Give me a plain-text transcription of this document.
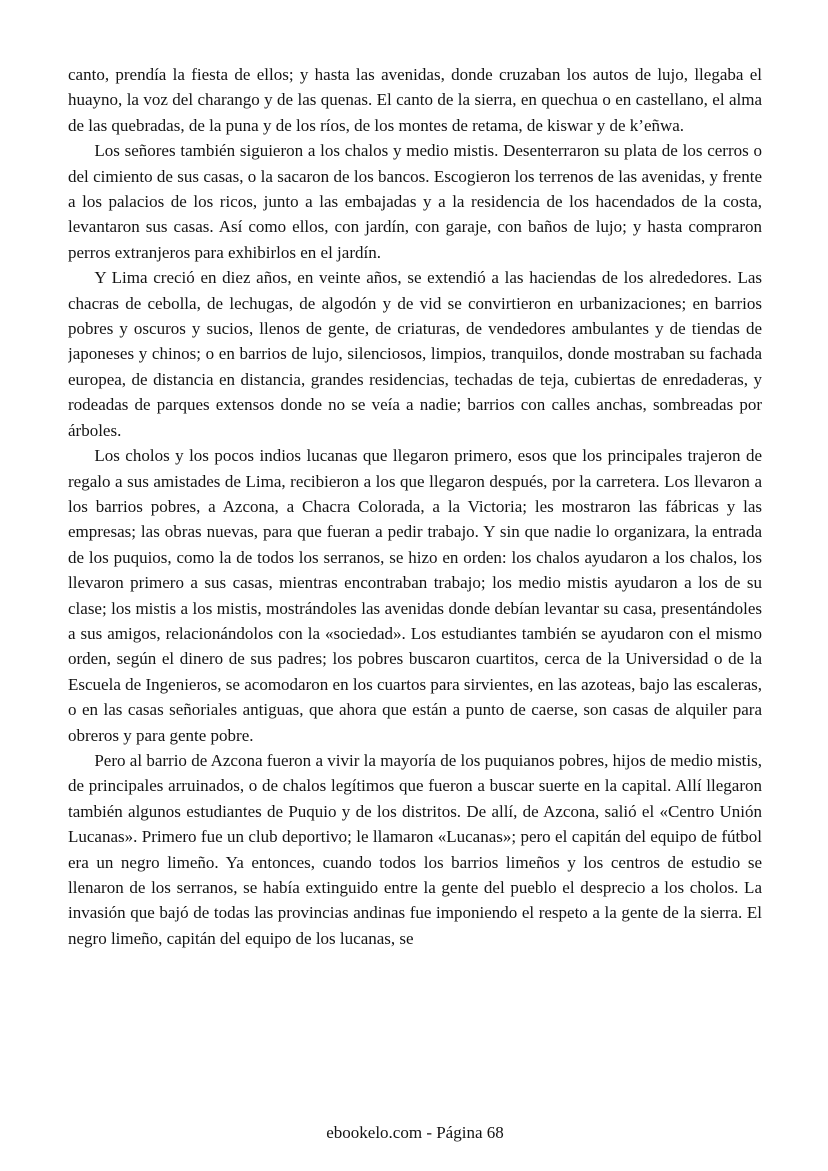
canto, prendía la fiesta de ellos; y hasta las avenidas, donde cruzaban los autos de lujo, llegaba el huayno, la voz del charango y de las quenas. El canto de la sierra, en quechua o en castellano, el alma de las quebradas, de la puna y de los ríos, de los montes de retama, de kiswar y de k’eñwa.

Los señores también siguieron a los chalos y medio mistis. Desenterraron su plata de los cerros o del cimiento de sus casas, o la sacaron de los bancos. Escogieron los terrenos de las avenidas, y frente a los palacios de los ricos, junto a las embajadas y a la residencia de los hacendados de la costa, levantaron sus casas. Así como ellos, con jardín, con garaje, con baños de lujo; y hasta compraron perros extranjeros para exhibirlos en el jardín.

Y Lima creció en diez años, en veinte años, se extendió a las haciendas de los alrededores. Las chacras de cebolla, de lechugas, de algodón y de vid se convirtieron en urbanizaciones; en barrios pobres y oscuros y sucios, llenos de gente, de criaturas, de vendedores ambulantes y de tiendas de japoneses y chinos; o en barrios de lujo, silenciosos, limpios, tranquilos, donde mostraban su fachada europea, de distancia en distancia, grandes residencias, techadas de teja, cubiertas de enredaderas, y rodeadas de parques extensos donde no se veía a nadie; barrios con calles anchas, sombreadas por árboles.

Los cholos y los pocos indios lucanas que llegaron primero, esos que los principales trajeron de regalo a sus amistades de Lima, recibieron a los que llegaron después, por la carretera. Los llevaron a los barrios pobres, a Azcona, a Chacra Colorada, a la Victoria; les mostraron las fábricas y las empresas; las obras nuevas, para que fueran a pedir trabajo. Y sin que nadie lo organizara, la entrada de los puquios, como la de todos los serranos, se hizo en orden: los chalos ayudaron a los chalos, los llevaron primero a sus casas, mientras encontraban trabajo; los medio mistis ayudaron a los de su clase; los mistis a los mistis, mostrándoles las avenidas donde debían levantar su casa, presentándoles a sus amigos, relacionándolos con la «sociedad». Los estudiantes también se ayudaron con el mismo orden, según el dinero de sus padres; los pobres buscaron cuartitos, cerca de la Universidad o de la Escuela de Ingenieros, se acomodaron en los cuartos para sirvientes, en las azoteas, bajo las escaleras, o en las casas señoriales antiguas, que ahora que están a punto de caerse, son casas de alquiler para obreros y para gente pobre.

Pero al barrio de Azcona fueron a vivir la mayoría de los puquianos pobres, hijos de medio mistis, de principales arruinados, o de chalos legítimos que fueron a buscar suerte en la capital. Allí llegaron también algunos estudiantes de Puquio y de los distritos. De allí, de Azcona, salió el «Centro Unión Lucanas». Primero fue un club deportivo; le llamaron «Lucanas»; pero el capitán del equipo de fútbol era un negro limeño. Ya entonces, cuando todos los barrios limeños y los centros de estudio se llenaron de los serranos, se había extinguido entre la gente del pueblo el desprecio a los cholos. La invasión que bajó de todas las provincias andinas fue imponiendo el respeto a la gente de la sierra. El negro limeño, capitán del equipo de los lucanas, se

ebookelo.com - Página 68
